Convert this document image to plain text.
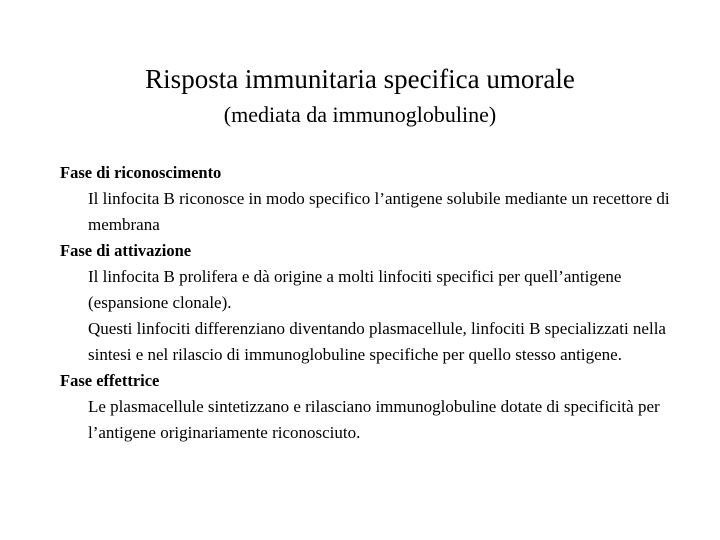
Risposta immunitaria specifica umorale
(mediata da immunoglobuline)
Fase di riconoscimento
Il linfocita B riconosce in modo specifico l’antigene solubile mediante un recettore di membrana
Fase di attivazione
Il linfocita B prolifera e dà origine a molti linfociti specifici per quell’antigene (espansione clonale).
Questi linfociti differenziano diventando plasmacellule, linfociti B specializzati nella sintesi e nel rilascio di immunoglobuline specifiche per quello stesso antigene.
Fase effettrice
Le plasmacellule sintetizzano e rilasciano immunoglobuline dotate di specificità per l’antigene originariamente riconosciuto.
